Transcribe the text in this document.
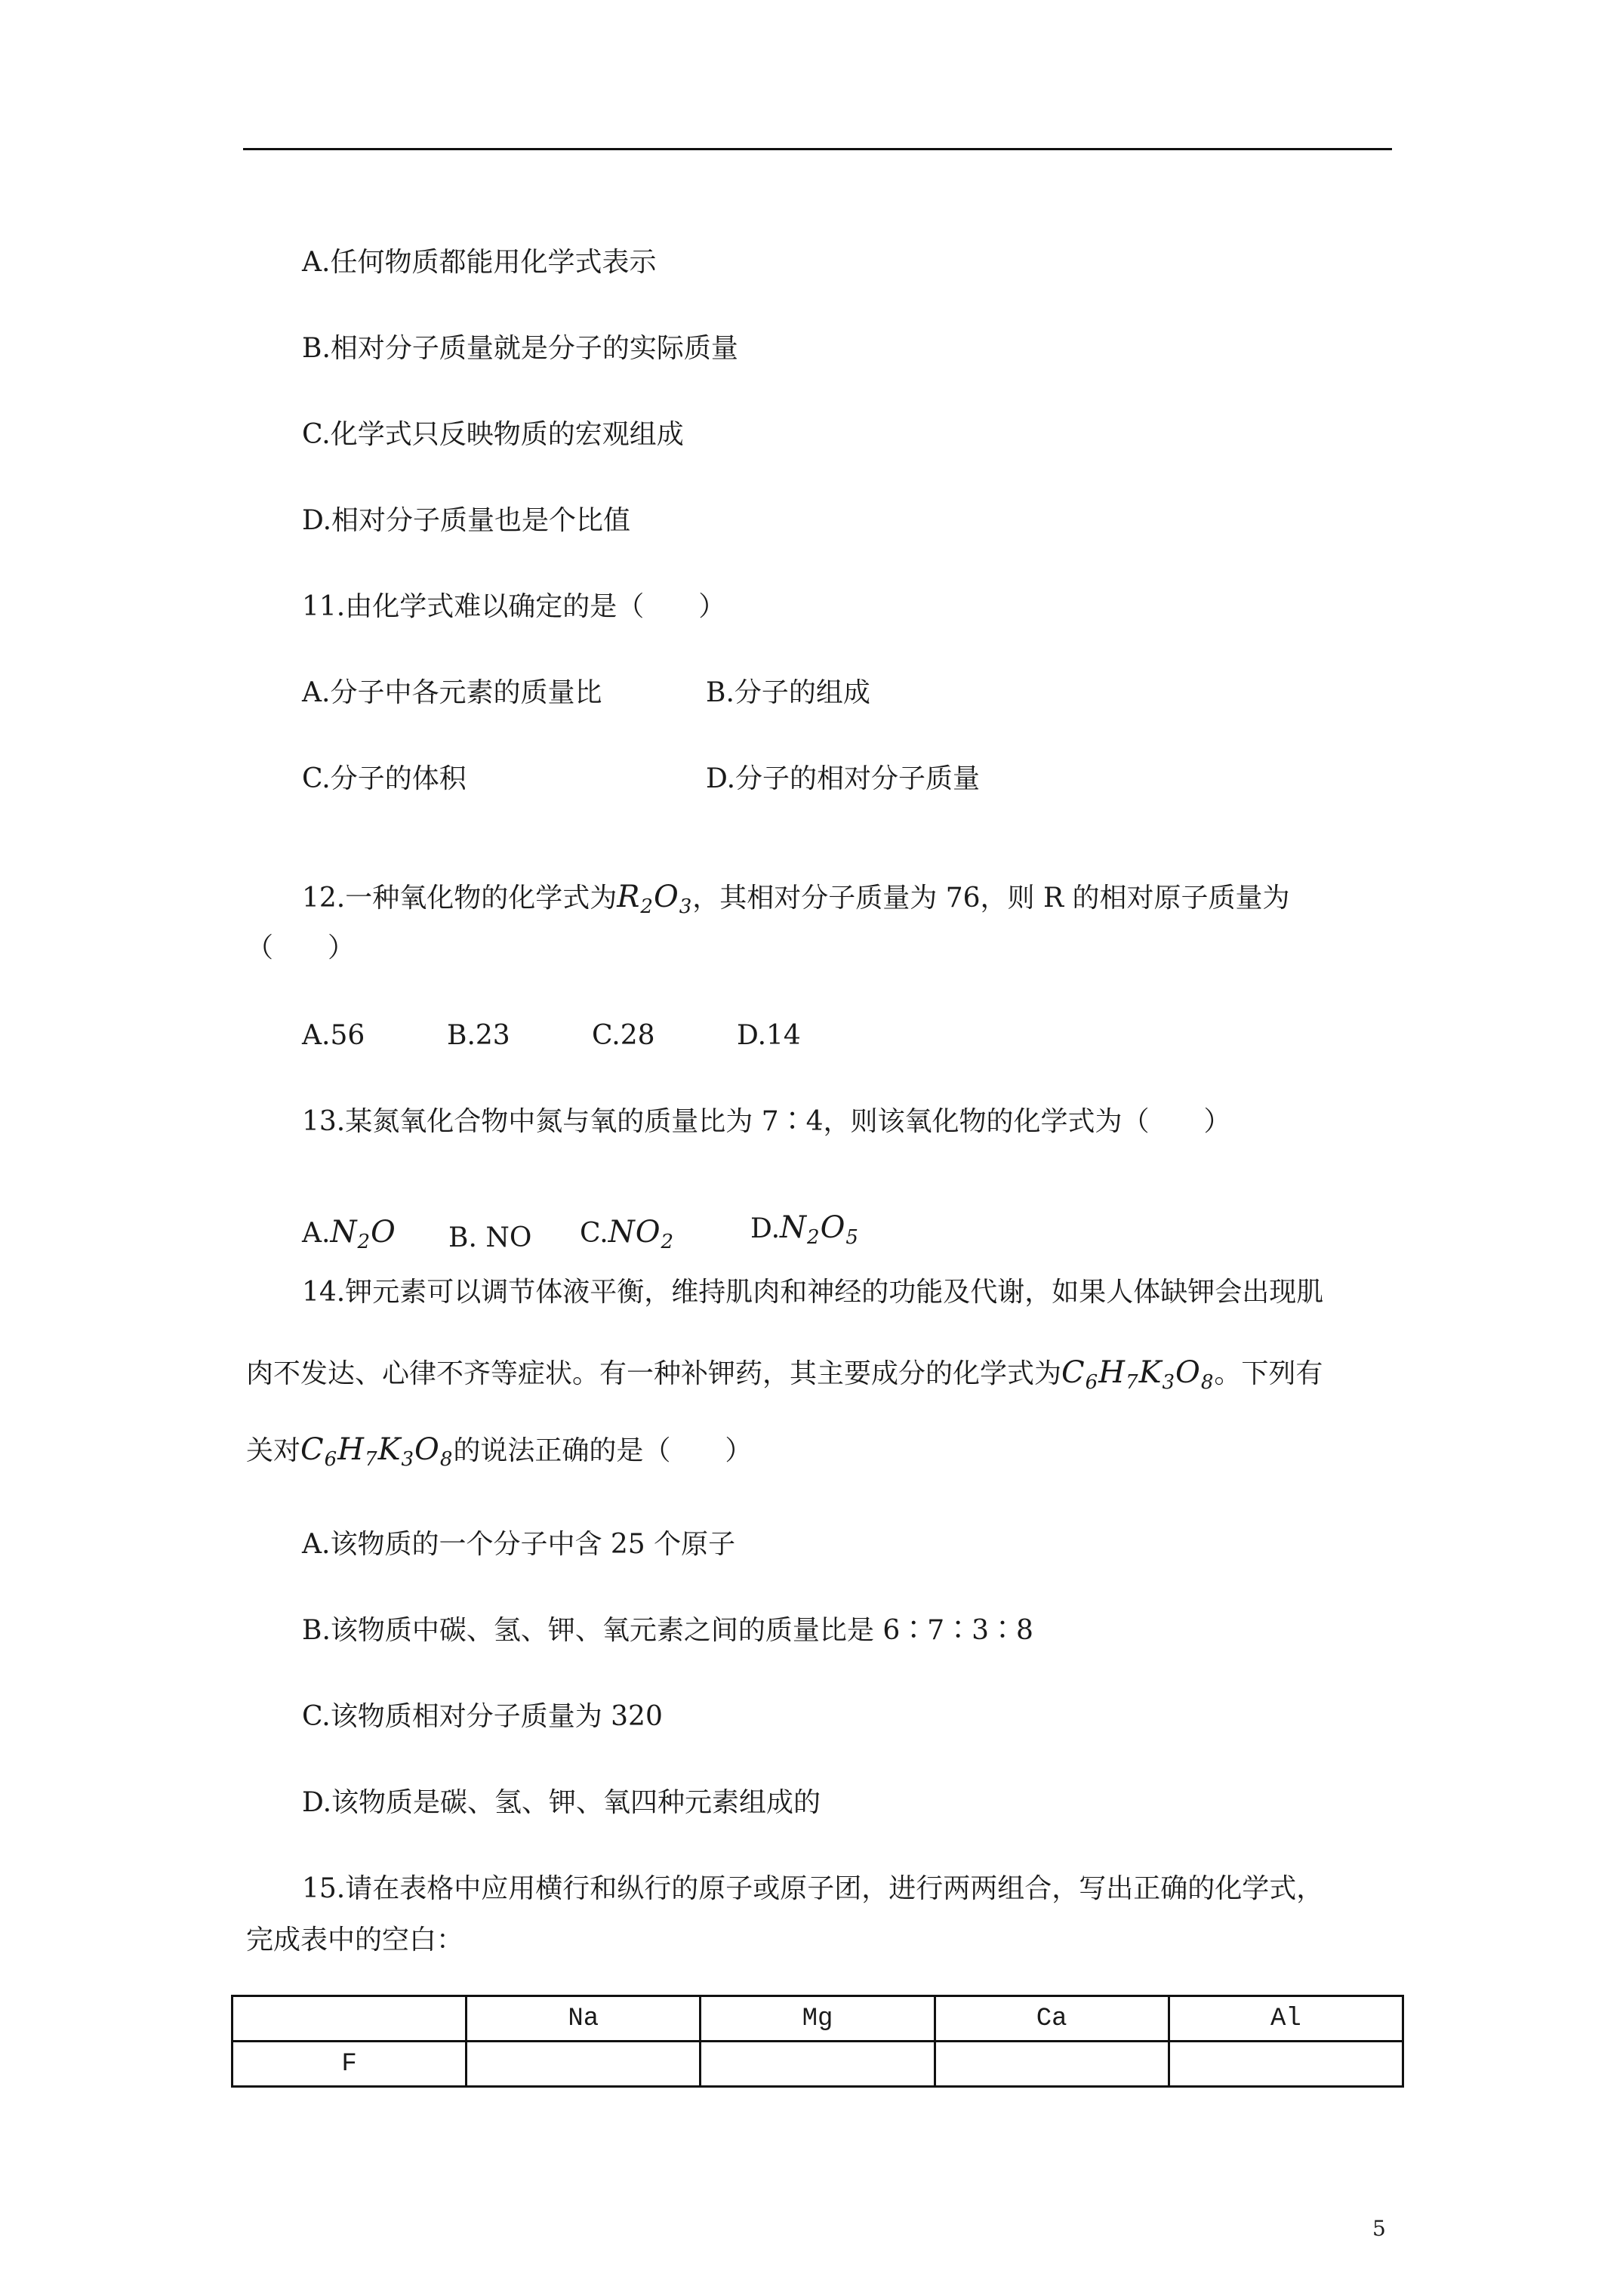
A.任何物质都能用化学式表示
B.相对分子质量就是分子的实际质量
C.化学式只反映物质的宏观组成
D.相对分子质量也是个比值
11.由化学式难以确定的是（　　）
A.分子中各元素的质量比	B.分子的组成
C.分子的体积	D.分子的相对分子质量
12.一种氧化物的化学式为$R_2O_3$，其相对分子质量为 76，则 R 的相对原子质量为
（　　）
A.56	B.23	C.28	D.14
13.某氮氧化合物中氮与氧的质量比为 7∶4，则该氧化物的化学式为（　　）
$A.N_2O$ B. NO $C.NO_2$	$D.N_2O_5$
14.钾元素可以调节体液平衡，维持肌肉和神经的功能及代谢，如果人体缺钾会出现肌
肉不发达、心律不齐等症状。有一种补钾药，其主要成分的化学式为$C_6H_7K_3O_8$。下列有
关对$C_6H_7K_3O_8$的说法正确的是（　　）
A.该物质的一个分子中含 25 个原子
B.该物质中碳、氢、钾、氧元素之间的质量比是 6∶7∶3∶8
C.该物质相对分子质量为 320
D.该物质是碳、氢、钾、氧四种元素组成的
15.请在表格中应用横行和纵行的原子或原子团，进行两两组合，写出正确的化学式，
完成表中的空白：
	Na	Mg	Ca	Al
F				
5
